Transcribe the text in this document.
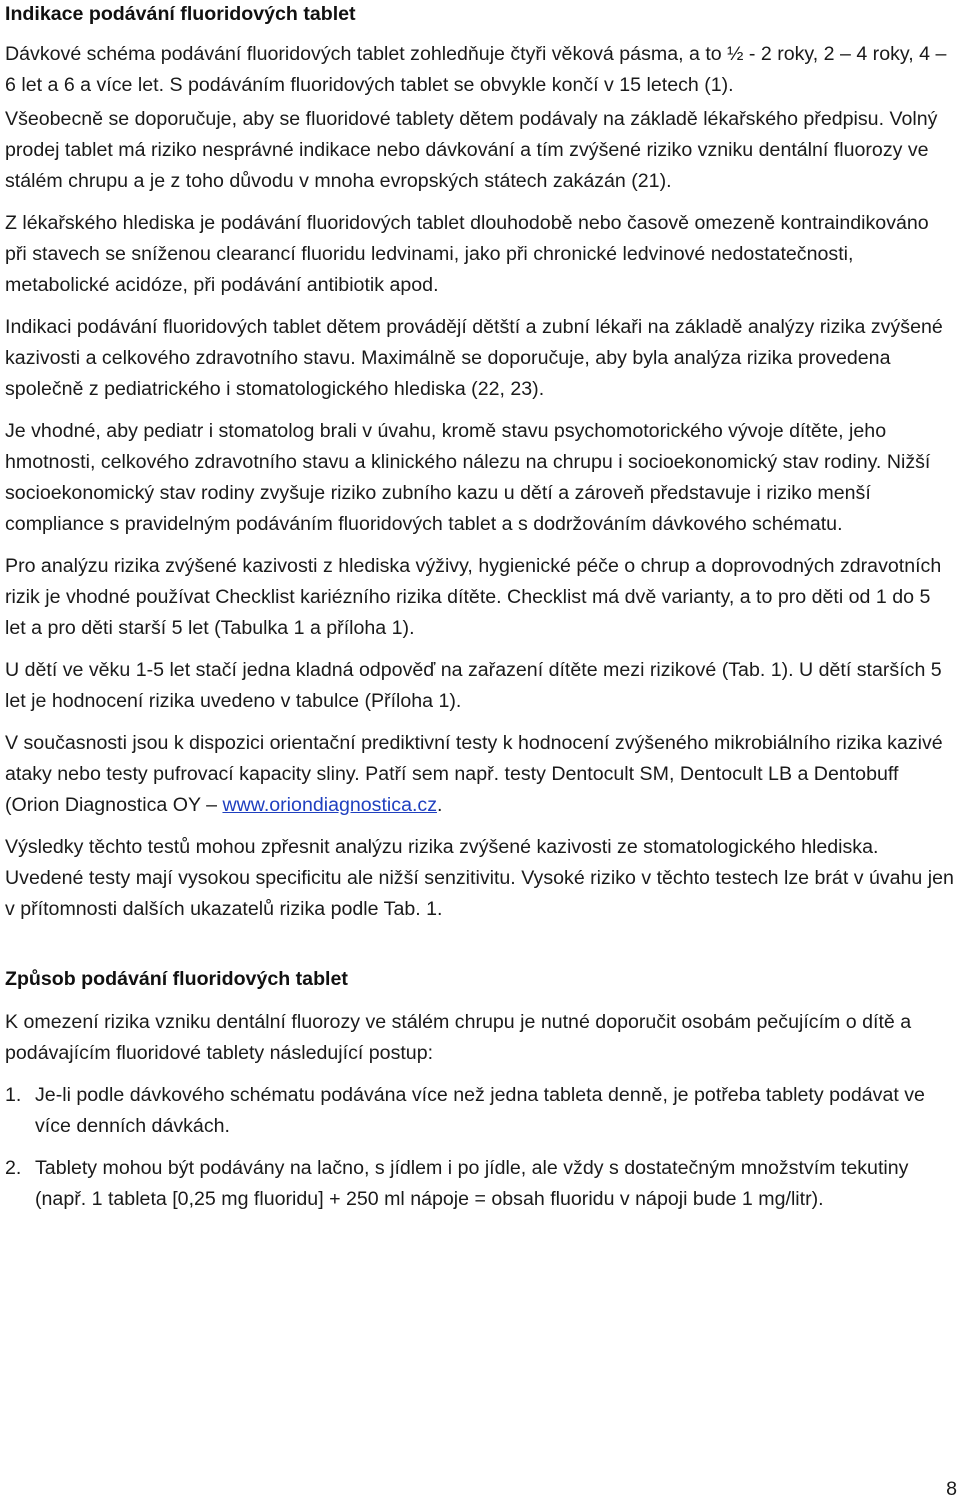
Indikace podávání fluoridových tablet

Dávkové schéma podávání fluoridových tablet zohledňuje čtyři věková pásma, a to ½ - 2 roky, 2 – 4 roky, 4 – 6 let a 6 a více let. S podáváním fluoridových tablet se obvykle končí v 15 letech (1).

Všeobecně se doporučuje, aby se fluoridové tablety dětem podávaly na základě lékařského předpisu. Volný prodej tablet má riziko nesprávné indikace nebo dávkování a tím zvýšené riziko vzniku dentální fluorozy ve stálém chrupu a je z toho důvodu v mnoha evropských státech zakázán (21).

Z lékařského hlediska je podávání fluoridových tablet dlouhodobě nebo časově omezeně kontraindikováno při stavech se sníženou clearancí fluoridu ledvinami, jako při chronické ledvinové nedostatečnosti, metabolické acidóze, při podávání antibiotik apod.

Indikaci podávání fluoridových tablet dětem provádějí dětští a zubní lékaři na základě analýzy rizika zvýšené kazivosti a celkového zdravotního stavu. Maximálně se doporučuje, aby byla analýza rizika provedena společně z pediatrického i stomatologického hlediska (22, 23).

Je vhodné, aby pediatr i stomatolog brali v úvahu, kromě stavu psychomotorického vývoje dítěte, jeho hmotnosti, celkového zdravotního stavu a klinického nálezu na chrupu i socioekonomický stav rodiny. Nižší socioekonomický stav rodiny zvyšuje riziko zubního kazu u dětí a zároveň představuje i riziko menší compliance s pravidelným podáváním fluoridových tablet a s dodržováním dávkového schématu.

Pro analýzu rizika zvýšené kazivosti z hlediska výživy, hygienické péče o chrup a doprovodných zdravotních rizik je vhodné používat Checklist kariézního rizika dítěte. Checklist má dvě varianty, a to pro děti od 1 do 5 let a pro děti starší 5 let (Tabulka 1 a příloha 1).

U dětí ve věku 1-5 let stačí jedna kladná odpověď na zařazení dítěte mezi rizikové (Tab. 1). U dětí starších 5 let je hodnocení rizika uvedeno v tabulce (Příloha 1).

V současnosti jsou k dispozici orientační prediktivní testy k hodnocení zvýšeného mikrobiálního rizika kazivé ataky nebo testy pufrovací kapacity sliny. Patří sem např. testy Dentocult SM, Dentocult LB a Dentobuff (Orion Diagnostica OY – www.oriondiagnostica.cz.

Výsledky těchto testů mohou zpřesnit analýzu rizika zvýšené kazivosti ze stomatologického hlediska. Uvedené testy mají vysokou specificitu ale nižší senzitivitu. Vysoké riziko v těchto testech lze brát v úvahu jen v přítomnosti dalších ukazatelů rizika podle Tab. 1.

Způsob podávání fluoridových tablet

K omezení rizika vzniku dentální fluorozy ve stálém chrupu je nutné doporučit osobám pečujícím o dítě a podávajícím fluoridové tablety následující postup:

1. Je-li podle dávkového schématu podávána více než jedna tableta denně, je potřeba tablety podávat ve více denních dávkách.
2. Tablety mohou být podávány na lačno, s jídlem i po jídle, ale vždy s dostatečným množstvím tekutiny (např. 1 tableta [0,25 mg fluoridu] + 250 ml nápoje = obsah fluoridu v nápoji bude 1 mg/litr).
8
